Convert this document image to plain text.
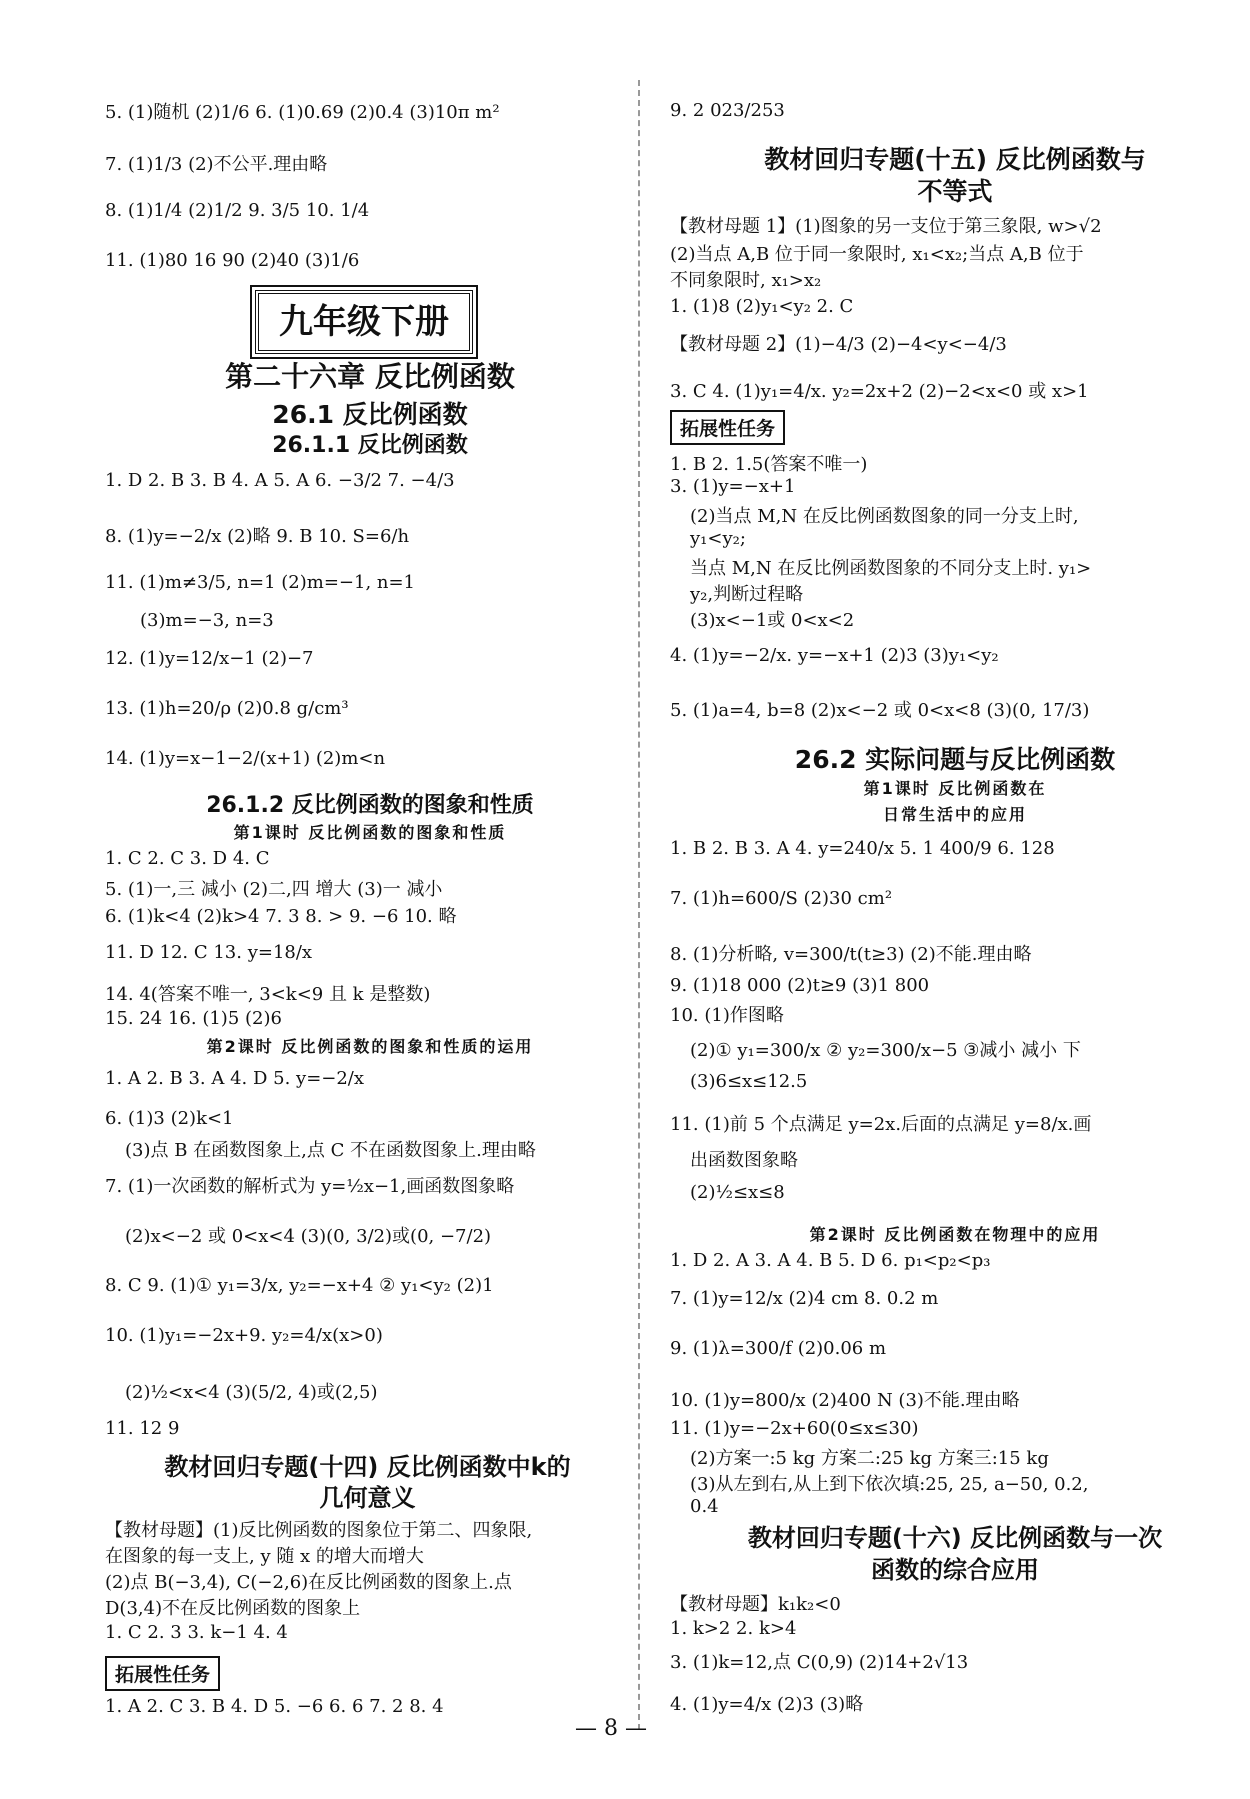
5. (1)随机 (2)1/6 6. (1)0.69 (2)0.4 (3)10π m²
7. (1)1/3 (2)不公平.理由略
8. (1)1/4 (2)1/2 9. 3/5 10. 1/4
11. (1)80 16 90 (2)40 (3)1/6
九年级下册
第二十六章 反比例函数
26.1 反比例函数
26.1.1 反比例函数
1. D 2. B 3. B 4. A 5. A 6. −3/2 7. −4/3
8. (1)y=−2/x (2)略 9. B 10. S=6/h
11. (1)m≠3/5, n=1 (2)m=−1, n=1
(3)m=−3, n=3
12. (1)y=12/x−1 (2)−7
13. (1)h=20/ρ (2)0.8 g/cm³
14. (1)y=x−1−2/(x+1) (2)m<n
26.1.2 反比例函数的图象和性质
第1课时 反比例函数的图象和性质
1. C 2. C 3. D 4. C
5. (1)一,三 减小 (2)二,四 增大 (3)一 减小
6. (1)k<4 (2)k>4 7. 3 8. > 9. −6 10. 略
11. D 12. C 13. y=18/x
14. 4(答案不唯一, 3<k<9 且 k 是整数)
15. 24 16. (1)5 (2)6
第2课时 反比例函数的图象和性质的运用
1. A 2. B 3. A 4. D 5. y=−2/x
6. (1)3 (2)k<1
(3)点 B 在函数图象上,点 C 不在函数图象上.理由略
7. (1)一次函数的解析式为 y=½x−1,画函数图象略
(2)x<−2 或 0<x<4 (3)(0, 3/2)或(0, −7/2)
8. C 9. (1)① y₁=3/x, y₂=−x+4 ② y₁<y₂ (2)1
10. (1)y₁=−2x+9. y₂=4/x(x>0)
(2)½<x<4 (3)(5/2, 4)或(2,5)
11. 12 9
教材回归专题(十四) 反比例函数中k的
几何意义
【教材母题】(1)反比例函数的图象位于第二、四象限,
在图象的每一支上, y 随 x 的增大而增大
(2)点 B(−3,4), C(−2,6)在反比例函数的图象上.点
D(3,4)不在反比例函数的图象上
1. C 2. 3 3. k−1 4. 4
拓展性任务
1. A 2. C 3. B 4. D 5. −6 6. 6 7. 2 8. 4
9. 2 023/253
教材回归专题(十五) 反比例函数与
不等式
【教材母题 1】(1)图象的另一支位于第三象限, w>√2
(2)当点 A,B 位于同一象限时, x₁<x₂;当点 A,B 位于
不同象限时, x₁>x₂
1. (1)8 (2)y₁<y₂ 2. C
【教材母题 2】(1)−4/3 (2)−4<y<−4/3
3. C 4. (1)y₁=4/x. y₂=2x+2 (2)−2<x<0 或 x>1
拓展性任务
1. B 2. 1.5(答案不唯一)
3. (1)y=−x+1
(2)当点 M,N 在反比例函数图象的同一分支上时,
y₁<y₂;
当点 M,N 在反比例函数图象的不同分支上时. y₁>
y₂,判断过程略
(3)x<−1或 0<x<2
4. (1)y=−2/x. y=−x+1 (2)3 (3)y₁<y₂
5. (1)a=4, b=8 (2)x<−2 或 0<x<8 (3)(0, 17/3)
26.2 实际问题与反比例函数
第1课时 反比例函数在
日常生活中的应用
1. B 2. B 3. A 4. y=240/x 5. 1 400/9 6. 128
7. (1)h=600/S (2)30 cm²
8. (1)分析略, v=300/t(t≥3) (2)不能.理由略
9. (1)18 000 (2)t≥9 (3)1 800
10. (1)作图略
(2)① y₁=300/x ② y₂=300/x−5 ③减小 减小 下
(3)6≤x≤12.5
11. (1)前 5 个点满足 y=2x.后面的点满足 y=8/x.画
出函数图象略
(2)½≤x≤8
第2课时 反比例函数在物理中的应用
1. D 2. A 3. A 4. B 5. D 6. p₁<p₂<p₃
7. (1)y=12/x (2)4 cm 8. 0.2 m
9. (1)λ=300/f (2)0.06 m
10. (1)y=800/x (2)400 N (3)不能.理由略
11. (1)y=−2x+60(0≤x≤30)
(2)方案一:5 kg 方案二:25 kg 方案三:15 kg
(3)从左到右,从上到下依次填:25, 25, a−50, 0.2,
0.4
教材回归专题(十六) 反比例函数与一次
函数的综合应用
【教材母题】k₁k₂<0
1. k>2 2. k>4
3. (1)k=12,点 C(0,9) (2)14+2√13
4. (1)y=4/x (2)3 (3)略
— 8 —
